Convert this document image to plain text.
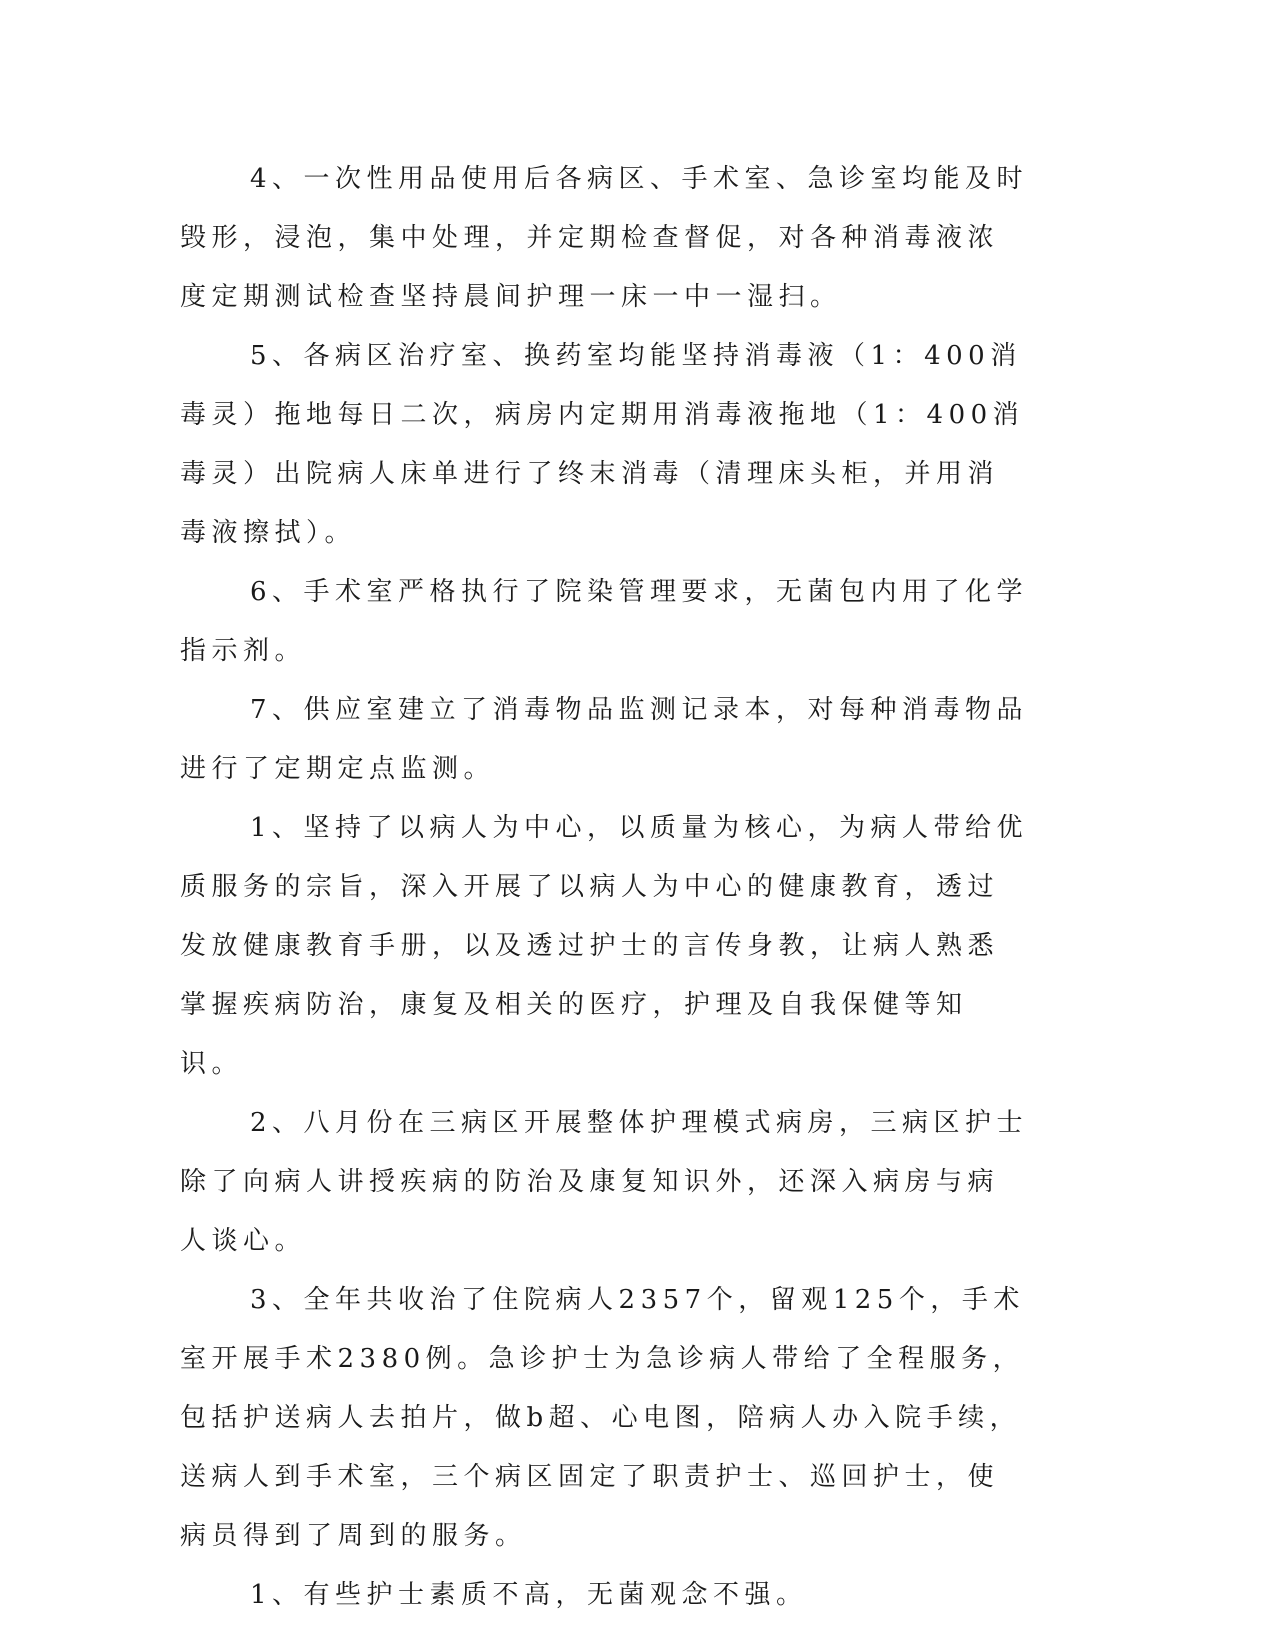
4、一次性用品使用后各病区、手术室、急诊室均能及时毁形，浸泡，集中处理，并定期检查督促，对各种消毒液浓度定期测试检查坚持晨间护理一床一中一湿扫。

5、各病区治疗室、换药室均能坚持消毒液（1：400消毒灵）拖地每日二次，病房内定期用消毒液拖地（1：400消毒灵）出院病人床单进行了终末消毒（清理床头柜，并用消毒液擦拭）。

6、手术室严格执行了院染管理要求，无菌包内用了化学指示剂。

7、供应室建立了消毒物品监测记录本，对每种消毒物品进行了定期定点监测。

1、坚持了以病人为中心，以质量为核心，为病人带给优质服务的宗旨，深入开展了以病人为中心的健康教育，透过发放健康教育手册，以及透过护士的言传身教，让病人熟悉掌握疾病防治，康复及相关的医疗，护理及自我保健等知识。

2、八月份在三病区开展整体护理模式病房，三病区护士除了向病人讲授疾病的防治及康复知识外，还深入病房与病人谈心。

3、全年共收治了住院病人2357个，留观125个，手术室开展手术2380例。急诊护士为急诊病人带给了全程服务，包括护送病人去拍片，做b超、心电图，陪病人办入院手续，送病人到手术室，三个病区固定了职责护士、巡回护士，使病员得到了周到的服务。

1、有些护士素质不高，无菌观念不强。
